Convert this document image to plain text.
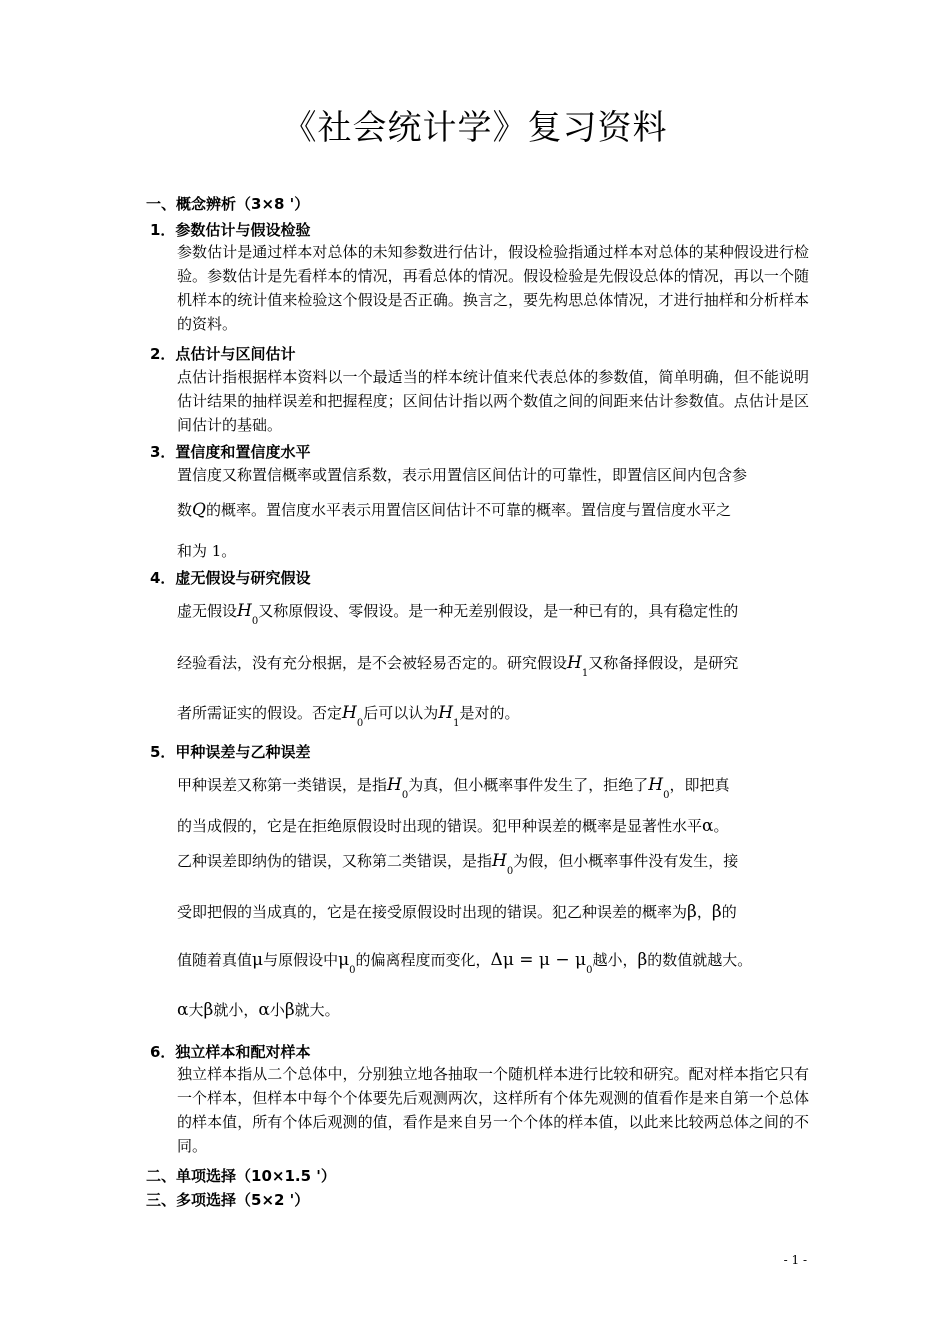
《社会统计学》复习资料
一、概念辨析（3×8 '）
1．参数估计与假设检验
参数估计是通过样本对总体的未知参数进行估计，假设检验指通过样本对总体的某种假设进行检验。参数估计是先看样本的情况，再看总体的情况。假设检验是先假设总体的情况，再以一个随机样本的统计值来检验这个假设是否正确。换言之，要先构思总体情况，才进行抽样和分析样本的资料。
2．点估计与区间估计
点估计指根据样本资料以一个最适当的样本统计值来代表总体的参数值，简单明确，但不能说明估计结果的抽样误差和把握程度；区间估计指以两个数值之间的间距来估计参数值。点估计是区间估计的基础。
3．置信度和置信度水平
置信度又称置信概率或置信系数，表示用置信区间估计的可靠性，即置信区间内包含参
数Q的概率。置信度水平表示用置信区间估计不可靠的概率。置信度与置信度水平之
和为 1。
4．虚无假设与研究假设
虚无假设$H_0$又称原假设、零假设。是一种无差别假设，是一种已有的，具有稳定性的
经验看法，没有充分根据，是不会被轻易否定的。研究假设$H_1$又称备择假设，是研究
者所需证实的假设。否定$H_0$后可以认为$H_1$是对的。
5．甲种误差与乙种误差
甲种误差又称第一类错误，是指$H_0$为真，但小概率事件发生了，拒绝了$H_0$，即把真
的当成假的，它是在拒绝原假设时出现的错误。犯甲种误差的概率是显著性水平α。
乙种误差即纳伪的错误，又称第二类错误，是指$H_0$为假，但小概率事件没有发生，接
受即把假的当成真的，它是在接受原假设时出现的错误。犯乙种误差的概率为β，β的
值随着真值μ与原假设中$\mu_0$的偏离程度而变化，$\Delta\mu = \mu - \mu_0$越小，β的数值就越大。
α大β就小，α小β就大。
6．独立样本和配对样本
独立样本指从二个总体中，分别独立地各抽取一个随机样本进行比较和研究。配对样本指它只有一个样本，但样本中每个个体要先后观测两次，这样所有个体先观测的值看作是来自第一个总体的样本值，所有个体后观测的值，看作是来自另一个个体的样本值，以此来比较两总体之间的不同。
二、单项选择（10×1.5 '）
三、多项选择（5×2 '）
- 1 -
